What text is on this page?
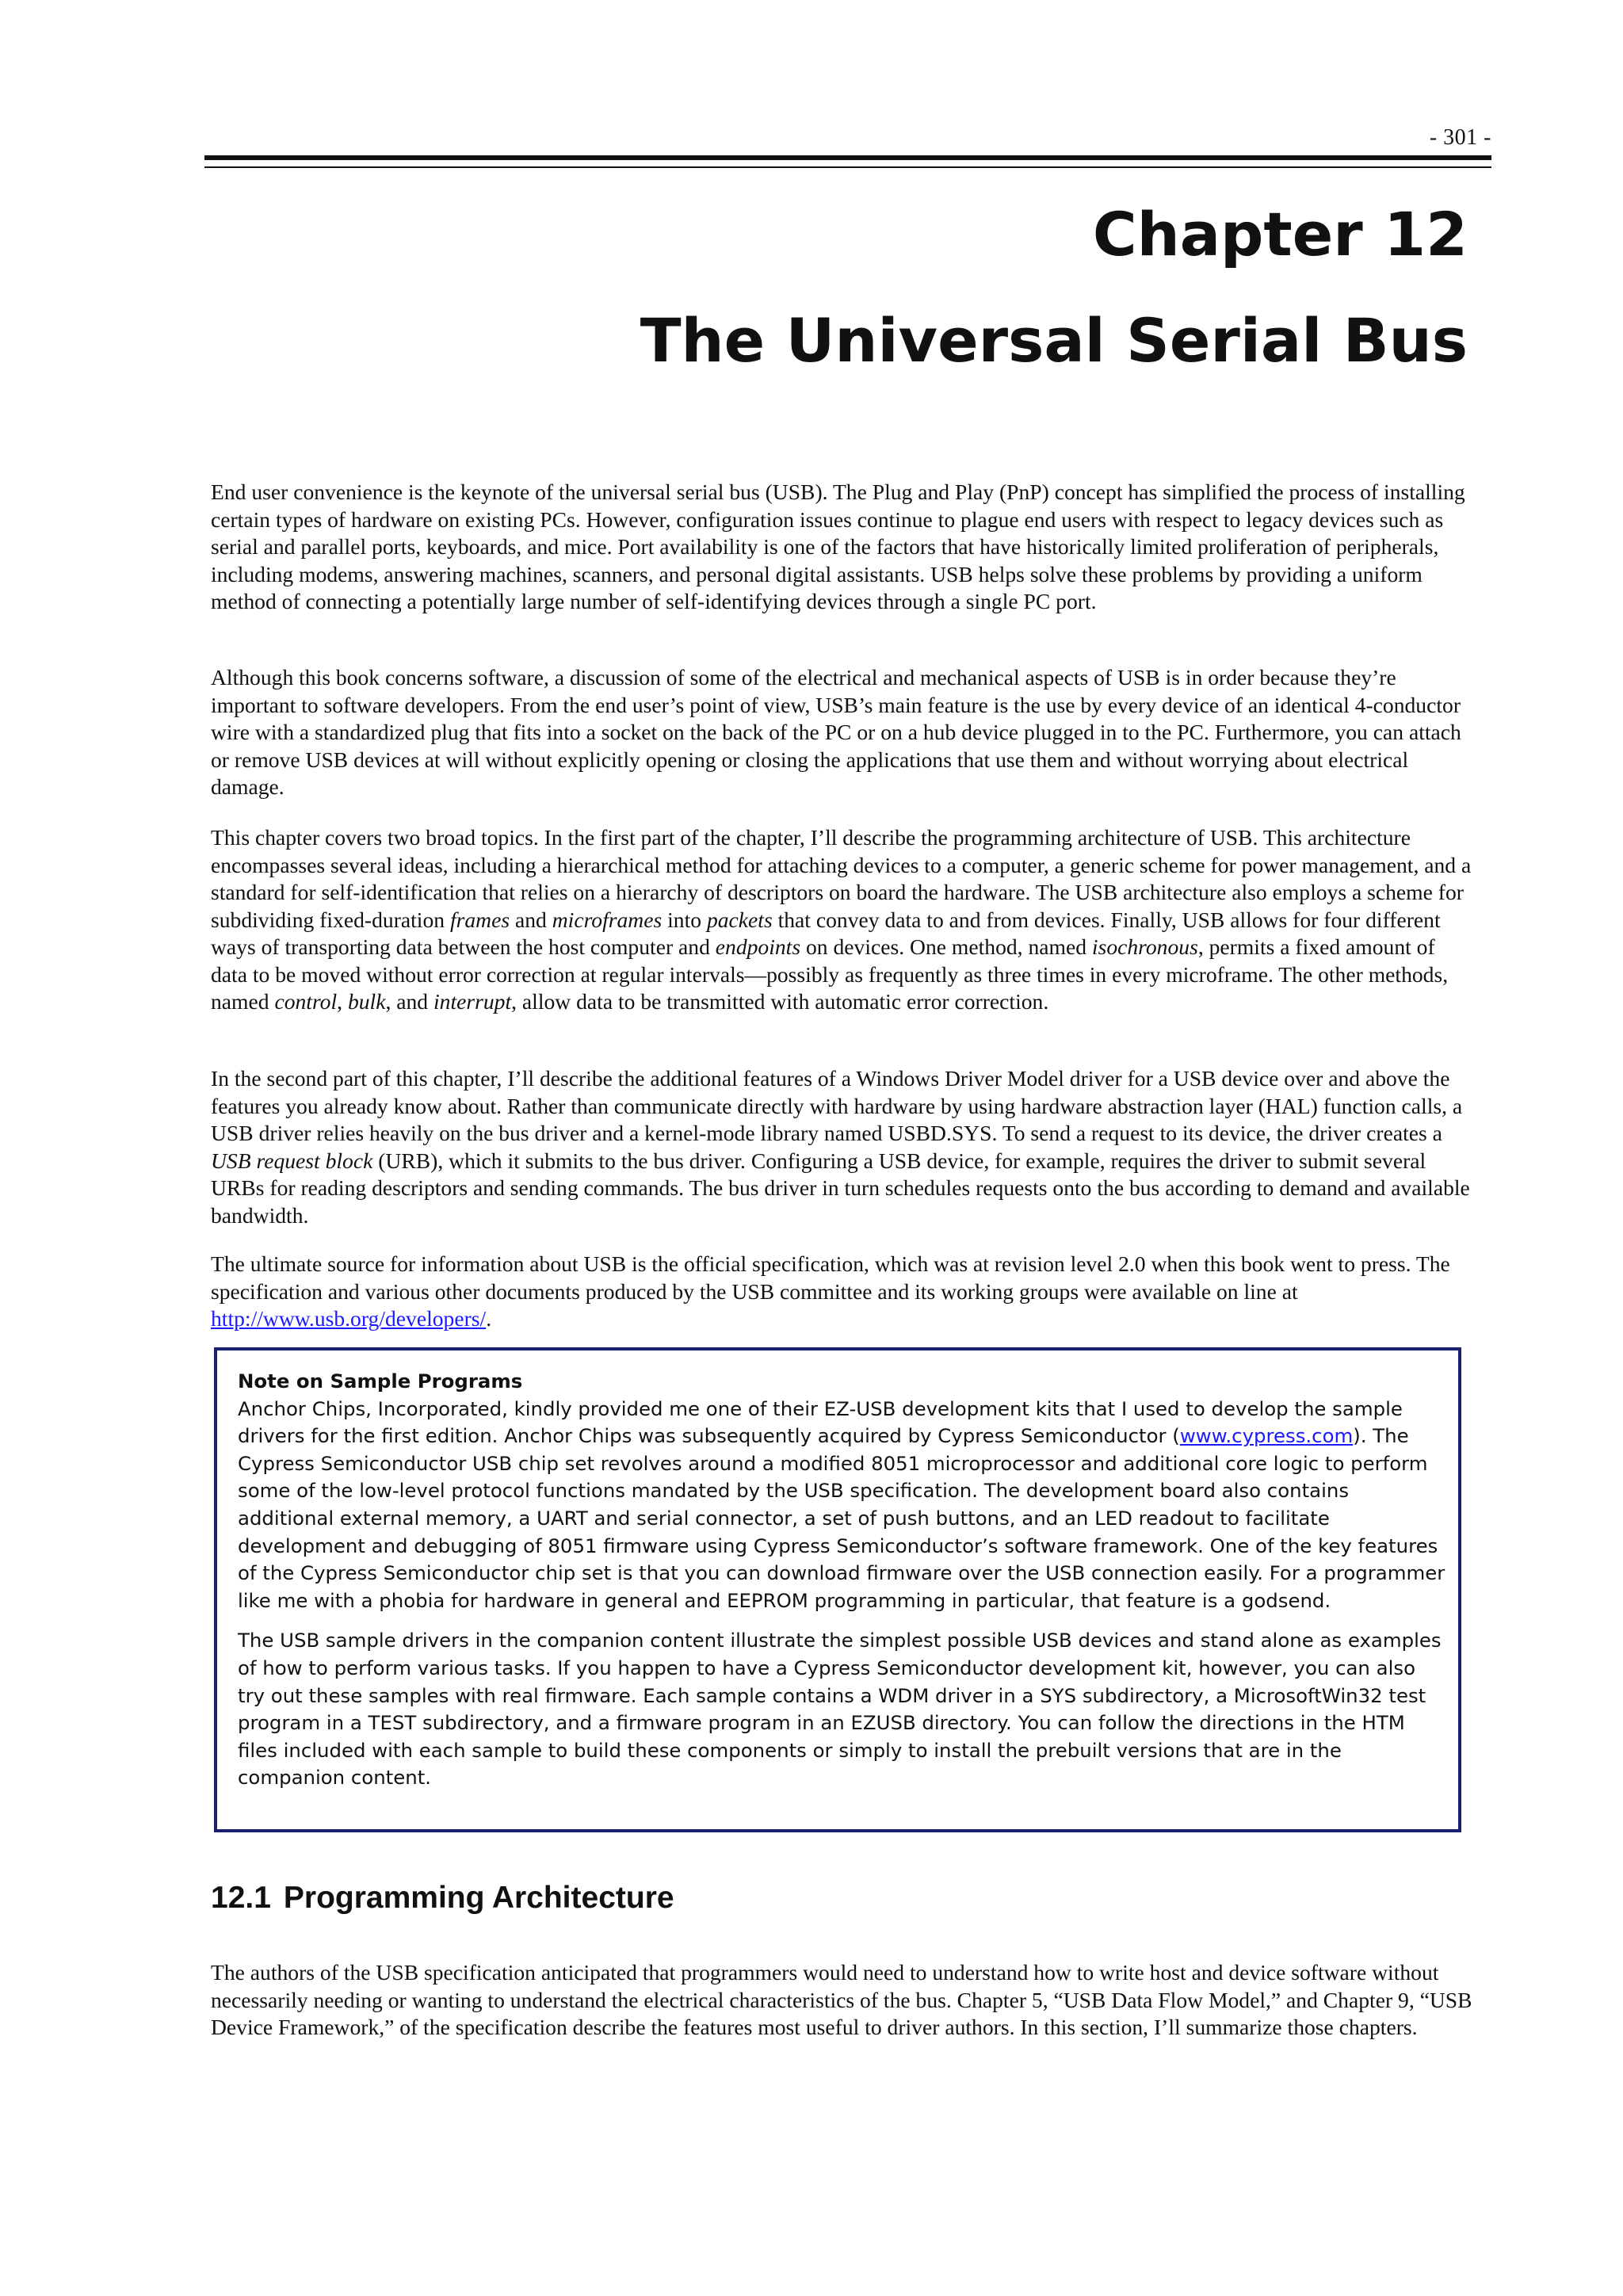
- 301 -
Chapter 12
The Universal Serial Bus

End user convenience is the keynote of the universal serial bus (USB). The Plug and Play (PnP) concept has simplified the process of installing certain types of hardware on existing PCs. However, configuration issues continue to plague end users with respect to legacy devices such as serial and parallel ports, keyboards, and mice. Port availability is one of the factors that have historically limited proliferation of peripherals, including modems, answering machines, scanners, and personal digital assistants. USB helps solve these problems by providing a uniform method of connecting a potentially large number of self-identifying devices through a single PC port.

Although this book concerns software, a discussion of some of the electrical and mechanical aspects of USB is in order because they’re important to software developers. From the end user’s point of view, USB’s main feature is the use by every device of an identical 4-conductor wire with a standardized plug that fits into a socket on the back of the PC or on a hub device plugged in to the PC. Furthermore, you can attach or remove USB devices at will without explicitly opening or closing the applications that use them and without worrying about electrical damage.

This chapter covers two broad topics. In the first part of the chapter, I’ll describe the programming architecture of USB. This architecture encompasses several ideas, including a hierarchical method for attaching devices to a computer, a generic scheme for power management, and a standard for self-identification that relies on a hierarchy of descriptors on board the hardware. The USB architecture also employs a scheme for subdividing fixed-duration frames and microframes into packets that convey data to and from devices. Finally, USB allows for four different ways of transporting data between the host computer and endpoints on devices. One method, named isochronous, permits a fixed amount of data to be moved without error correction at regular intervals—possibly as frequently as three times in every microframe. The other methods, named control, bulk, and interrupt, allow data to be transmitted with automatic error correction.

In the second part of this chapter, I’ll describe the additional features of a Windows Driver Model driver for a USB device over and above the features you already know about. Rather than communicate directly with hardware by using hardware abstraction layer (HAL) function calls, a USB driver relies heavily on the bus driver and a kernel-mode library named USBD.SYS. To send a request to its device, the driver creates a USB request block (URB), which it submits to the bus driver. Configuring a USB device, for example, requires the driver to submit several URBs for reading descriptors and sending commands. The bus driver in turn schedules requests onto the bus according to demand and available bandwidth.

The ultimate source for information about USB is the official specification, which was at revision level 2.0 when this book went to press. The specification and various other documents produced by the USB committee and its working groups were available on line at http://www.usb.org/developers/.

Note on Sample Programs

Anchor Chips, Incorporated, kindly provided me one of their EZ-USB development kits that I used to develop the sample drivers for the first edition. Anchor Chips was subsequently acquired by Cypress Semiconductor (www.cypress.com). The Cypress Semiconductor USB chip set revolves around a modified 8051 microprocessor and additional core logic to perform some of the low-level protocol functions mandated by the USB specification. The development board also contains additional external memory, a UART and serial connector, a set of push buttons, and an LED readout to facilitate development and debugging of 8051 firmware using Cypress Semiconductor’s software framework. One of the key features of the Cypress Semiconductor chip set is that you can download firmware over the USB connection easily. For a programmer like me with a phobia for hardware in general and EEPROM programming in particular, that feature is a godsend.

The USB sample drivers in the companion content illustrate the simplest possible USB devices and stand alone as examples of how to perform various tasks. If you happen to have a Cypress Semiconductor development kit, however, you can also try out these samples with real firmware. Each sample contains a WDM driver in a SYS subdirectory, a MicrosoftWin32 test program in a TEST subdirectory, and a firmware program in an EZUSB directory. You can follow the directions in the HTM files included with each sample to build these components or simply to install the prebuilt versions that are in the companion content.

12.1 Programming Architecture

The authors of the USB specification anticipated that programmers would need to understand how to write host and device software without necessarily needing or wanting to understand the electrical characteristics of the bus. Chapter 5, “USB Data Flow Model,” and Chapter 9, “USB Device Framework,” of the specification describe the features most useful to driver authors. In this section, I’ll summarize those chapters.
